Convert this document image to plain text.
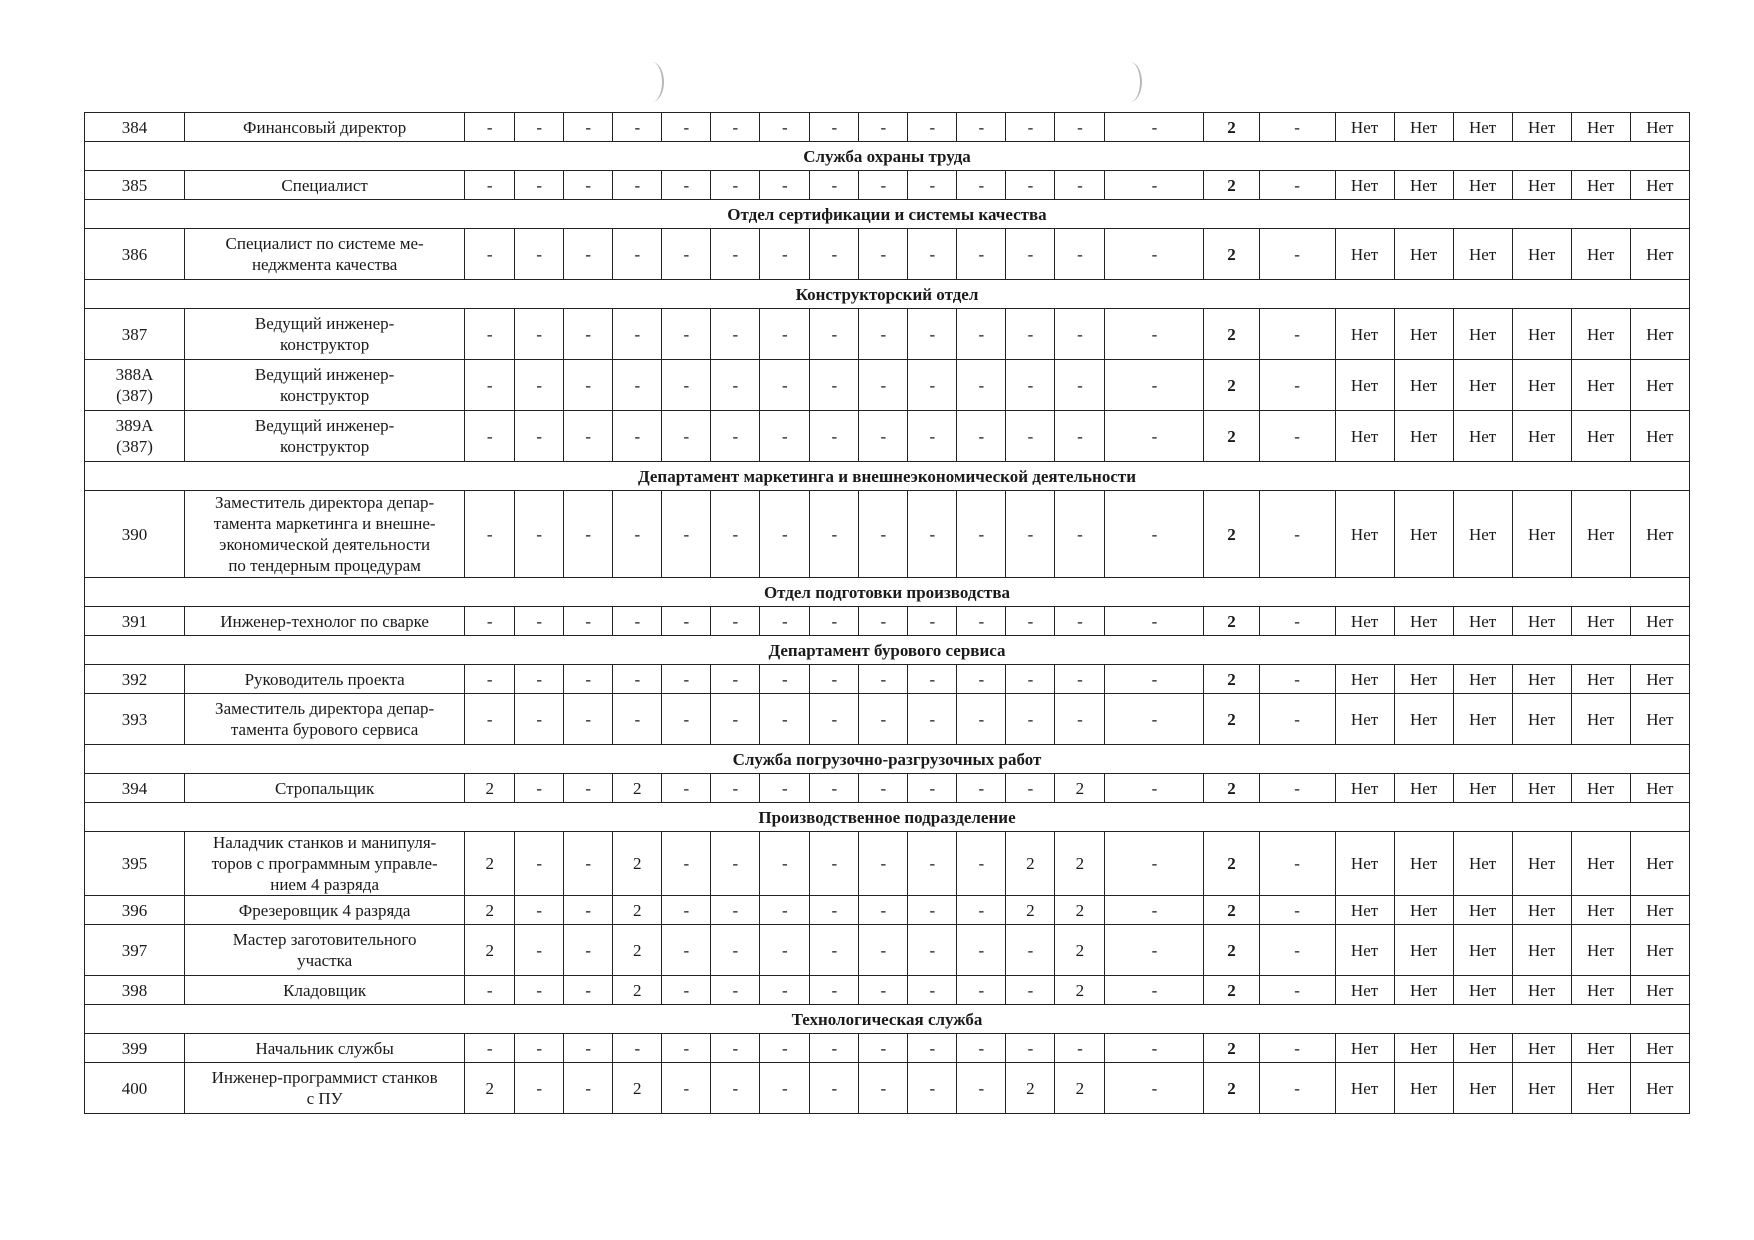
384	Финансовый директор	-	-	-	-	-	-	-	-	-	-	-	-	-	-	2	-	Нет	Нет	Нет	Нет	Нет	Нет
Служба охраны труда																							
385	Специалист	-	-	-	-	-	-	-	-	-	-	-	-	-	-	2	-	Нет	Нет	Нет	Нет	Нет	Нет
Отдел сертификации и системы качества																							
386	Специалист по системе ме-
неджмента качества	-	-	-	-	-	-	-	-	-	-	-	-	-	-	2	-	Нет	Нет	Нет	Нет	Нет	Нет
Конструкторский отдел																							
387	Ведущий инженер-
конструктор	-	-	-	-	-	-	-	-	-	-	-	-	-	-	2	-	Нет	Нет	Нет	Нет	Нет	Нет
388А
(387)	Ведущий инженер-
конструктор	-	-	-	-	-	-	-	-	-	-	-	-	-	-	2	-	Нет	Нет	Нет	Нет	Нет	Нет
389А
(387)	Ведущий инженер-
конструктор	-	-	-	-	-	-	-	-	-	-	-	-	-	-	2	-	Нет	Нет	Нет	Нет	Нет	Нет
Департамент маркетинга и внешнеэкономической деятельности																							
390	Заместитель директора депар-
тамента маркетинга и внешне-
экономической деятельности
по тендерным процедурам	-	-	-	-	-	-	-	-	-	-	-	-	-	-	2	-	Нет	Нет	Нет	Нет	Нет	Нет
Отдел подготовки производства																							
391	Инженер-технолог по сварке	-	-	-	-	-	-	-	-	-	-	-	-	-	-	2	-	Нет	Нет	Нет	Нет	Нет	Нет
Департамент бурового сервиса																							
392	Руководитель проекта	-	-	-	-	-	-	-	-	-	-	-	-	-	-	2	-	Нет	Нет	Нет	Нет	Нет	Нет
393	Заместитель директора депар-
тамента бурового сервиса	-	-	-	-	-	-	-	-	-	-	-	-	-	-	2	-	Нет	Нет	Нет	Нет	Нет	Нет
Служба погрузочно-разгрузочных работ																							
394	Стропальщик	2	-	-	2	-	-	-	-	-	-	-	-	2	-	2	-	Нет	Нет	Нет	Нет	Нет	Нет
Производственное подразделение																							
395	Наладчик станков и манипуля-
торов с программным управле-
нием 4 разряда	2	-	-	2	-	-	-	-	-	-	-	2	2	-	2	-	Нет	Нет	Нет	Нет	Нет	Нет
396	Фрезеровщик 4 разряда	2	-	-	2	-	-	-	-	-	-	-	2	2	-	2	-	Нет	Нет	Нет	Нет	Нет	Нет
397	Мастер заготовительного
участка	2	-	-	2	-	-	-	-	-	-	-	-	2	-	2	-	Нет	Нет	Нет	Нет	Нет	Нет
398	Кладовщик	-	-	-	2	-	-	-	-	-	-	-	-	2	-	2	-	Нет	Нет	Нет	Нет	Нет	Нет
Технологическая служба																							
399	Начальник службы	-	-	-	-	-	-	-	-	-	-	-	-	-	-	2	-	Нет	Нет	Нет	Нет	Нет	Нет
400	Инженер-программист станков
с ПУ	2	-	-	2	-	-	-	-	-	-	-	2	2	-	2	-	Нет	Нет	Нет	Нет	Нет	Нет
